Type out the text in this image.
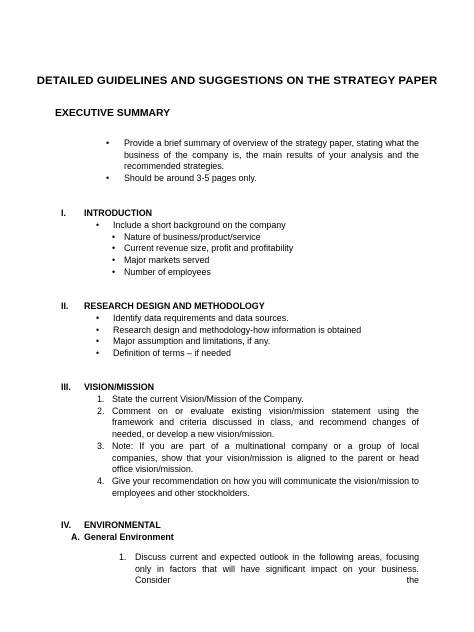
DETAILED GUIDELINES AND SUGGESTIONS ON THE STRATEGY PAPER
EXECUTIVE SUMMARY
• Provide a brief summary of overview of the strategy paper, stating what the business of the company is, the main results of your analysis and the recommended strategies.
• Should be around 3-5 pages only.
I. INTRODUCTION
• Include a short background on the company
• Nature of business/product/service
• Current revenue size, profit and profitability
• Major markets served
• Number of employees
II. RESEARCH DESIGN AND METHODOLOGY
• Identify data requirements and data sources.
• Research design and methodology-how information is obtained
• Major assumption and limitations, if any.
• Definition of terms – if needed
III. VISION/MISSION
1. State the current Vision/Mission of the Company.
2. Comment on or evaluate existing vision/mission statement using the framework and criteria discussed in class, and recommend changes of needed, or develop a new vision/mission.
3. Note: If you are part of a multinational company or a group of local companies, show that your vision/mission is aligned to the parent or head office vision/mission.
4. Give your recommendation on how you will communicate the vision/mission to employees and other stockholders.
IV. ENVIRONMENTAL
A. General Environment
1. Discuss current and expected outlook in the following areas, focusing only in factors that will have significant impact on your business. Consider the
